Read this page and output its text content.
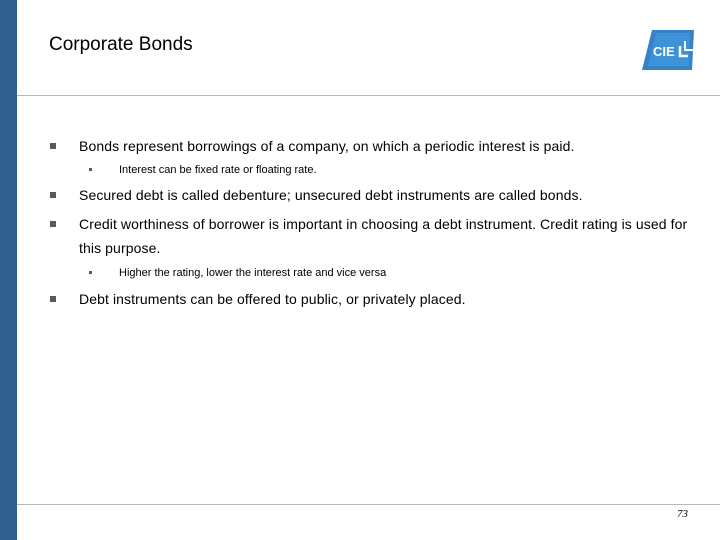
Corporate Bonds	CIE
Bonds represent borrowings of a company, on which a periodic interest is paid.
Interest can be fixed rate or floating rate.
Secured debt is called debenture; unsecured debt instruments are called bonds.
Credit worthiness of borrower is important in choosing a debt instrument. Credit rating is used for this purpose.
Higher the rating, lower the interest rate and vice versa
Debt instruments can be offered to public, or privately placed.
73
